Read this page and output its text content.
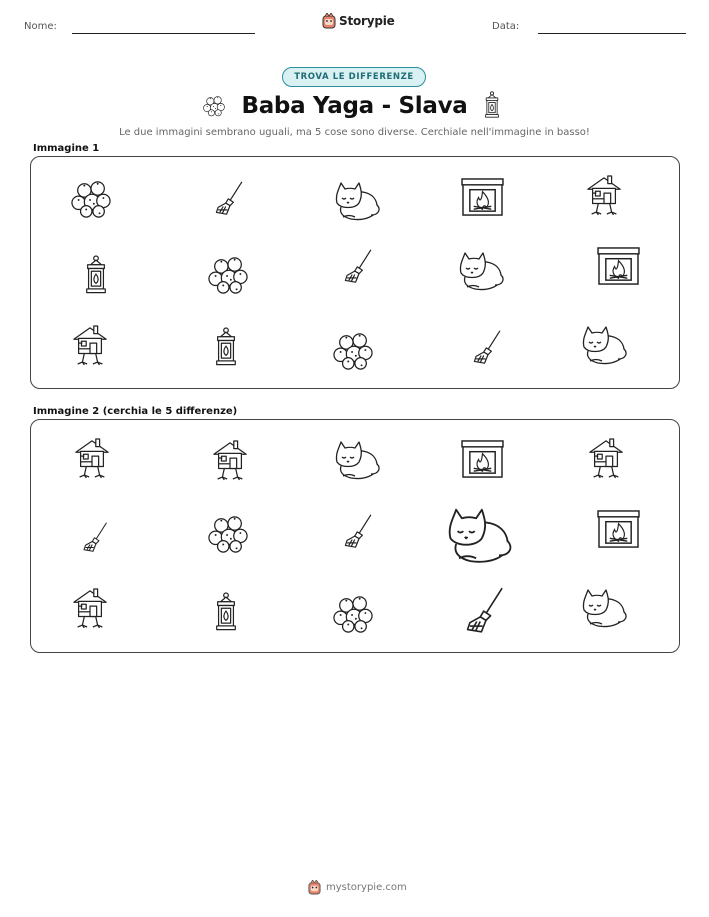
Nome:	Storypie	Data:
TROVA LE DIFFERENZE
Baba Yaga - Slava
Le due immagini sembrano uguali, ma 5 cose sono diverse. Cerchiale nell'immagine in basso!
Immagine 1
Immagine 2 (cerchia le 5 differenze)
mystorypie.com
